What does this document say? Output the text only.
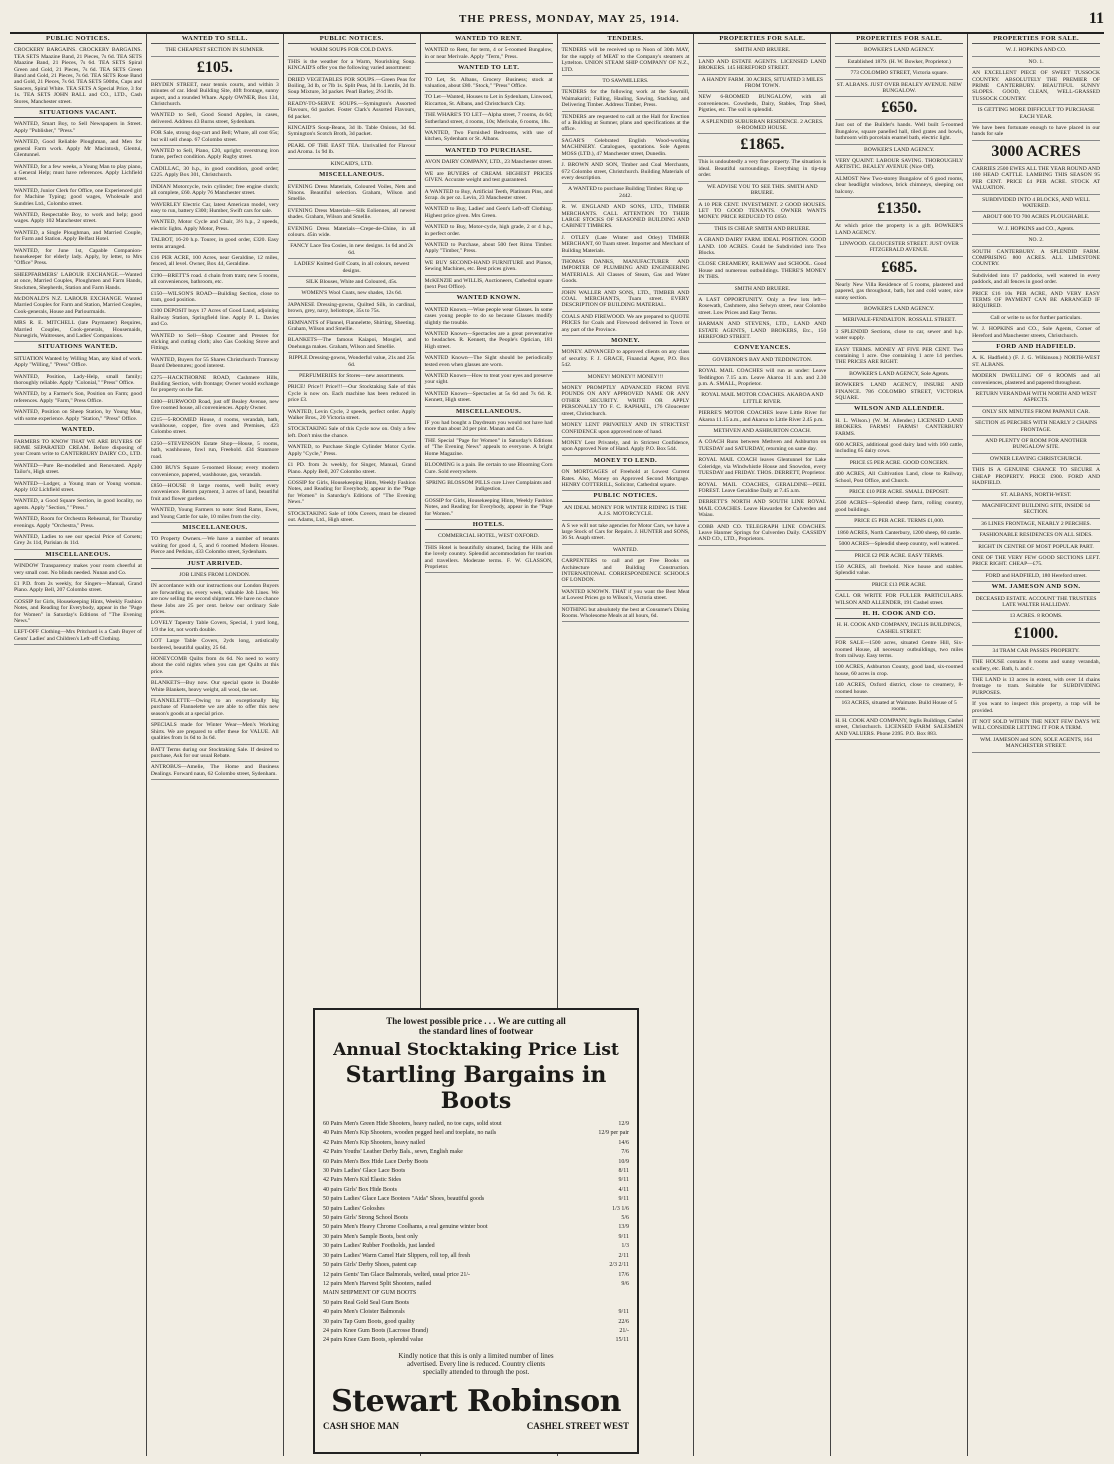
THE PRESS, MONDAY, MAY 25, 1914.	11
PUBLIC NOTICES.

CROCKERY BARGAINS. CROCKERY BARGAINS. TEA SETS Maazine Band, 21 Pieces, 7s 6d. TEA SETS Maazine Band, 21 Pieces, 7s 6d. TEA SETS Spiral Green and Gold, 21 Pieces, 7s 6d. TEA SETS Green Band and Gold, 21 Pieces, 7s 6d. TEA SETS Rose Band and Gold, 21 Pieces, 7s 6d. TEA SETS 500ths, Cups and Saucers, Spiral White. TEA SETS A Special Price, 3 for 1s. TEA SETS JOHN BALL and CO., LTD., Cash Stores, Manchester street.

SITUATIONS VACANT.

WANTED, Smart Boy, to Sell Newspapers in Street. Apply "Publisher," "Press."

WANTED, Good Reliable Ploughman, and Men for general Farm work. Apply Mr Macintosh, Glentui, Glentunnel.

WANTED, for a few weeks, a Young Man to play piano, a General Help; must have references. Apply Lichfield street.

WANTED, Junior Clerk for Office, one Experienced girl for Machine Typing; good wages, Wholesale and Sundries Ltd., Colombo street.

WANTED, Respectable Boy, to work and help; good wages. Apply 102 Manchester street.

WANTED, a Single Ploughman, and Married Couple, for Farm and Station. Apply Belfast Hotel.

WANTED, for June 1st, Capable Companion-housekeeper for elderly lady. Apply, by letter, to Mrs "Office" Press.

SHEEPFARMERS' LABOUR EXCHANGE.—Wanted at once, Married Couples, Ploughmen and Farm Hands, Stockmen, Shepherds, Station and Farm Hands.

McDONALD'S N.Z. LABOUR EXCHANGE. Wanted Married Couples for Farm and Station, Married Couples, Cook-generals, House and Parlourmaids.

MRS R. E. MITCHELL (late Paymaster) Requires, Married Couples, Cook-generals, Housemaids, Nursegirls, Waitresses, and Ladies' Companions.

SITUATIONS WANTED.

SITUATION Wanted by Willing Man, any kind of work. Apply "Willing," "Press" Office.

WANTED, Position, Lady-Help, small family; thoroughly reliable. Apply "Colonial," "Press" Office.

WANTED, by a Farmer's Son, Position on Farm; good references. Apply "Farm," Press Office.

WANTED, Position on Sheep Station, by Young Man, with some experience. Apply "Station," "Press" Office.

WANTED.

FARMERS TO KNOW THAT WE ARE BUYERS OF HOME SEPARATED CREAM. Before disposing of your Cream write to CANTERBURY DAIRY CO., LTD.

WANTED—Pure Re-modelled and Renovated. Apply Tailor's, High street.

WANTED—Lodger, a Young man or Young woman. Apply 102 Lichfield street.

WANTED, a Good Square Section, in good locality, no agents. Apply "Section," "Press."

WANTED, Room for Orchestra Rehearsal, for Thursday evenings. Apply "Orchestra," Press.

WANTED, Ladies to see our special Price of Corsets; Grey 2s 11d, Parisian 4s 11d.

MISCELLANEOUS.

WINDOW Transparency makes your room cheerful at very small cost. No blinds needed. Nunan and Co.

£1 P.D. from 2s weekly, for Singers—Manual, Grand Piano. Apply Bell, 207 Colombo street.

GOSSIP for Girls, Housekeeping Hints, Weekly Fashion Notes, and Reading for Everybody, appear in the "Page for Women" in Saturday's Editions of "The Evening News."

LEFT-OFF Clothing—Mrs Pritchard is a Cash Buyer of Gents' Ladies' and Children's Left-off Clothing.

WANTED TO SELL.

THE CHEAPEST SECTION IN SUMNER.

£105.

BRYDEN STREET, near tennis courts, and within 3 minutes of car. Ideal Building Site, 40ft frontage, sunny aspect, and a rounded Whare. Apply OWNER, Box 134, Christchurch.

WANTED to Sell, Good Sound Apples, in cases, delivered. Address 43 Burns street, Sydenham.

FOR Sale, strong dog-cart and Bell; Whare, all cost 65s; but will sell cheap. 67 Colombo street.

WANTED to Sell, Piano, £20, upright; overstrung iron frame, perfect condition. Apply Rugby street.

CADILLAC, 30 h.p., in good condition, good order; £225. Apply Box 301, Christchurch.

INDIAN Motorcycle, twin cylinder; free engine clutch; all complete, £60. Apply 76 Manchester street.

WAVERLEY Electric Car, latest American model, very easy to run, battery £300; Humber, Swift cars for sale.

WANTED, Motor Cycle and Chair, 3½ h.p., 2 speeds, electric lights. Apply Motor, Press.

TALBOT, 16-20 h.p. Tourer, in good order, £320. Easy terms arranged.

£16 PER ACRE, 100 Acres, near Geraldine, 12 miles, fenced, all level. Owner, Box 44, Geraldine.

£190—BRETT'S road. 4 chain from tram; new 5 rooms, all conveniences, bathroom, etc.

£150—WILSON'S ROAD—Building Section, close to tram, good position.

£100 DEPOSIT buys 17 Acres of Good Land, adjoining Railway Station, Springfield line. Apply P. L. Davies and Co.

WANTED to Sell—Shop Counter and Presses for sticking and cutting cloth; also Gas Cooking Stove and Fittings.

WANTED, Buyers for 55 Shares Christchurch Tramway Board Debentures; good interest.

£275—HACKTHORNE ROAD, Cashmere Hills, Building Section, with frontage; Owner would exchange for property on the flat.

£400—BURWOOD Road, just off Bealey Avenue, new five roomed house, all conveniences. Apply Owner.

£215—5-ROOMED House, 4 rooms, verandah, bath, washhouse, copper, fire oven and Premises, 423 Colombo street.

£250—STEVENSON Estate Shop—House, 5 rooms, bath, washhouse, fowl run, Freehold. 434 Stanmore road.

£300 BUYS Square 5-roomed House; every modern convenience, papered, washhouse, gas, verandah.

£850—HOUSE 8 large rooms, well built; every convenience. Return payment, 3 acres of land, beautiful fruit and flower gardens.

WANTED, Young Farmers to note: Stud Rams, Ewes, and Young Cattle for sale, 10 miles from the city.

MISCELLANEOUS.

TO Property Owners.—We have a number of tenants waiting for good 4, 5, and 6 roomed Modern Houses. Pierce and Perkins, 433 Colombo street, Sydenham.

JUST ARRIVED.

JOB LINES FROM LONDON.

IN accordance with our instructions our London Buyers are forwarding us, every week, valuable Job Lines. We are now selling the second shipment. We have no chance these Jobs are 25 per cent. below our ordinary Sale prices.

LOVELY Tapestry Table Covers, Special, 1 yard long, 1/9 the lot, not worth double.

LOT Large Table Covers, 2yds long, artistically bordered, beautiful quality, 25 6d.

HONEYCOMB Quilts from 4s 6d. No need to worry about the cold nights when you can get Quilts at this price.

BLANKETS—Buy now. Our special quote is Double White Blankets, heavy weight, all wool, the set.

FLANNELETTE—Owing to an exceptionally big purchase of Flannelette we are able to offer this new season's goods at a special price.

SPECIALS made for Winter Wear—Men's Working Shirts. We are prepared to offer these for VALUE. All qualities from 1s 6d to 3s 6d.

BATT Terms during our Stocktaking Sale. If desired to purchase, Ask for our usual Rebate.

ANTROBUS—Amelie, The Home and Business Dealings. Forward naun, 62 Colombo street, Sydenham.

PUBLIC NOTICES.

WARM SOUPS FOR COLD DAYS.

THIS is the weather for a Warm, Nourishing Soup. KINCAID'S offer you the following varied assortment:

DRIED VEGETABLES FOR SOUPS.—Green Peas for Boiling, 3d lb, or 7lb 1s. Split Peas, 3d lb. Lentils, 2d lb. Soup Mixture, 3d packet. Pearl Barley, 2½d lb.

READY-TO-SERVE SOUPS.—Symington's Assorted Flavours, 6d packet. Foster Clark's Assorted Flavours, 6d packet.

KINCAID'S Soup-Beans, 3d lb. Table Onions, 3d 6d. Symington's Scotch Broth, 3d packet.

PEARL OF THE EAST TEA. Unrivalled for Flavour and Aroma. 1s 9d lb.

KINCAID'S, LTD.

MISCELLANEOUS.

EVENING Dress Materials, Coloured Voiles, Nets and Ninons. Beautiful selection. Graham, Wilson and Smellie.

EVENING Dress Materials—Silk Eoliennes, all newest shades. Graham, Wilson and Smellie.

EVENING Dress Materials—Crepe-de-Chine, in all colours. 45in wide.

FANCY Lace Tea Cosies, in new designs. 1s 6d and 2s 6d.

LADIES' Knitted Golf Coats, in all colours, newest designs.

SILK Blouses, White and Coloured, 45s.

WOMEN'S Wool Coats, new shades, 12s 6d.

JAPANESE Dressing-gowns, Quilted Silk, in cardinal, brown, grey, navy, heliotrope, 35s to 75s.

REMNANTS of Flannel, Flannelette, Shirting, Sheeting. Graham, Wilson and Smellie.

BLANKETS—The famous Kaiapoi, Mosgiel, and Onehunga makes. Graham, Wilson and Smellie.

RIPPLE Dressing-gowns, Wonderful value, 21s and 25s 6d.

PERFUMERIES for Stores—new assortments.

PRICE! Price!! Price!!!—Our Stocktaking Sale of this Cycle is now on. Each machine has been reduced in price £3.

WANTED, Levin Cycle, 2 speeds, perfect order. Apply Walker Bros., 20 Victoria street.

STOCKTAKING Sale of this Cycle now on. Only a few left. Don't miss the chance.

WANTED, to Purchase Single Cylinder Motor Cycle. Apply "Cycle," Press.

£1 PD. from 2s weekly, for Singer, Manual, Grand Piano. Apply Bell, 207 Colombo street.

GOSSIP for Girls, Housekeeping Hints, Weekly Fashion Notes, and Reading for Everybody, appear in the "Page for Women" in Saturday's Editions of "The Evening News."

STOCKTAKING Sale of 100s Covers, must be cleared out. Adams, Ltd., High street.

WANTED TO RENT.

WANTED to Rent, for term, 4 or 5-roomed Bungalow, in or near Merivale. Apply "Term," Press.

WANTED TO LET.

TO Let, St. Albans, Grocery Business; stock at valuation, about £80. "Stock," "Press" Office.

TO Let—Wanted, Houses to Let in Sydenham, Linwood, Riccarton, St. Albans, and Christchurch City.

THE WHARE'S TO LET—Alpha street, 7 rooms, 4s 6d; Sutherland street, 4 rooms, 10s; Merivale, 6 rooms, 18s.

WANTED, Two Furnished Bedrooms, with use of kitchen, Sydenham or St. Albans.

WANTED TO PURCHASE.

AVON DAIRY COMPANY, LTD., 23 Manchester street.

WE are BUYERS of CREAM. HIGHEST PRICES GIVEN. Accurate weight and test guaranteed.

A WANTED to Buy, Artificial Teeth, Platinum Pins, and Scrap. 4s per oz. Levin, 23 Manchester street.

WANTED to Buy, Ladies' and Gent's Left-off Clothing. Highest price given. Mrs Green.

WANTED to Buy, Motor-cycle, high grade, 2 or 4 h.p., in perfect order.

WANTED to Purchase, about 500 feet Rimu Timber. Apply "Timber," Press.

WE BUY SECOND-HAND FURNITURE and Pianos, Sewing Machines, etc. Best prices given.

McKENZIE and WILLIS, Auctioneers, Cathedral square (next Post Office).

WANTED KNOWN.

WANTED Known.—Wise people wear Glasses. In some cases young people to do so because Glasses modify slightly the trouble.

WANTED Known—Spectacles are a great preventative to headaches. R. Kennett, the People's Optician, 181 High street.

WANTED Known—The Sight should be periodically tested even when glasses are worn.

WANTED Known—How to treat your eyes and preserve your sight.

WANTED Known—Spectacles at 5s 6d and 7s 6d. R. Kennett, High street.

MISCELLANEOUS.

IF you had bought a Daydream you would not have had more than about 2d per pint. Manan and Co.

THE Special "Page for Women" in Saturday's Editions of "The Evening News" appeals to everyone. A bright Home Magazine.

BLOOMING is a pain. Be certain to use Blooming Corn Cure. Sold everywhere.

SPRING BLOSSOM PILLS cure Liver Complaints and Indigestion.

GOSSIP for Girls, Housekeeping Hints, Weekly Fashion Notes, and Reading for Everybody, appear in the "Page for Women."

HOTELS.

COMMERCIAL HOTEL, WEST OXFORD.

THIS Hotel is beautifully situated, facing the Hills and the lovely country. Splendid accommodation for tourists and travellers. Moderate terms. F. W. GLASSON, Proprietor.

TENDERS.

TENDERS will be received up to Noon of 30th MAY, for the supply of MEAT to the Company's steamers at Lyttelton. UNION STEAM SHIP COMPANY OF N.Z., LTD.

TO SAWMILLERS.

TENDERS for the following work at the Sawmill, Waimakariri; Falling, Hauling, Sawing, Stacking, and Delivering Timber. Address Timber, Press.

TENDERS are requested to call at the Hall for Erection of a Building at Sumner, plans and specifications at the office.

SAGAR'S Celebrated English Wood-working MACHINERY. Catalogues, quotations. Sole Agents MOSS (LTD.), 47 Manchester street, Dunedin.

J. BROWN AND SON, Timber and Coal Merchants, 672 Colombo street, Christchurch. Building Materials of every description.

A WANTED to purchase Building Timber. Ring up 2442.

R. W. ENGLAND AND SONS, LTD., TIMBER MERCHANTS. CALL ATTENTION TO THEIR LARGE STOCKS OF SEASONED BUILDING AND CABINET TIMBERS.

J. OTLEY (Late Winter and Otley) TIMBER MERCHANT, 60 Tuam street. Importer and Merchant of Building Materials.

THOMAS DANKS, MANUFACTURER AND IMPORTER OF PLUMBING AND ENGINEERING MATERIALS. All Classes of Steam, Gas and Water Goods.

JOHN WALLER AND SONS, LTD., TIMBER AND COAL MERCHANTS, Tuam street. EVERY DESCRIPTION OF BUILDING MATERIAL.

COALS AND FIREWOOD. We are prepared to QUOTE PRICES for Coals and Firewood delivered in Town or any part of the Province.

MONEY.

MONEY. ADVANCED to approved clients on any class of security. F. J. GRACE, Financial Agent, P.O. Box 542.

MONEY! MONEY!! MONEY!!!

MONEY PROMPTLY ADVANCED FROM FIVE POUNDS ON ANY APPROVED NAME OR ANY OTHER SECURITY. WRITE OR APPLY PERSONALLY TO F. C. RAPHAEL, 176 Gloucester street, Christchurch.

MONEY LENT PRIVATELY AND IN STRICTEST CONFIDENCE upon approved note of hand.

MONEY Lent Privately, and in Strictest Confidence, upon Approved Note of Hand. Apply P.O. Box 544.

MONEY TO LEND.

ON MORTGAGES of Freehold at Lowest Current Rates. Also, Money on Approved Second Mortgage. HENRY COTTERILL, Solicitor, Cathedral square.

PUBLIC NOTICES.

AN IDEAL MONEY FOR WINTER RIDING IS THE A.J.S. MOTORCYCLE.

A S we will not take agencies for Motor Cars, we have a large Stock of Cars for Repairs. J. HUNTER and SONS, 36 St. Asaph street.

WANTED.

CARPENTERS to call and get Free Books on Architecture and Building Construction. INTERNATIONAL CORRESPONDENCE SCHOOLS OF LONDON.

WANTED KNOWN. THAT if you want the Best Meat at Lowest Prices go to Wilson's, Victoria street.

NOTHING but absolutely the best at Consumer's Dining Rooms. Wholesome Meals at all hours, 6d.

PROPERTIES FOR SALE.

SMITH AND BRUERE.

LAND AND ESTATE AGENTS. LICENSED LAND BROKERS. 145 HEREFORD STREET.

A HANDY FARM. 30 ACRES, SITUATED 3 MILES FROM TOWN.

NEW 6-ROOMED BUNGALOW, with all conveniences. Cowsheds, Dairy, Stables, Trap Shed, Pigsties, etc. The soil is splendid.

A SPLENDID SUBURBAN RESIDENCE. 2 ACRES. 8-ROOMED HOUSE.

£1865.

This is undoubtedly a very fine property. The situation is ideal. Beautiful surroundings. Everything in tip-top order.

WE ADVISE YOU TO SEE THIS. SMITH AND BRUERE.

A 10 PER CENT. INVESTMENT. 2 GOOD HOUSES. LET TO GOOD TENANTS. OWNER WANTS MONEY. PRICE REDUCED TO £650.

THIS IS CHEAP. SMITH AND BRUERE.

A GRAND DAIRY FARM. IDEAL POSITION. GOOD LAND. 100 ACRES. Could be Subdivided into Two Blocks.

CLOSE CREAMERY, RAILWAY and SCHOOL. Good House and numerous outbuildings. THERE'S MONEY IN THIS.

SMITH AND BRUERE.

A LAST OPPORTUNITY. Only a few lots left—Rosewath, Cashmere, also Selwyn street, near Colombo street. Low Prices and Easy Terms.

HARMAN AND STEVENS, LTD., LAND AND ESTATE AGENTS, LAND BROKERS, Etc., 150 HEREFORD STREET.

CONVEYANCES.

GOVERNOR'S BAY AND TEDDINGTON.

ROYAL MAIL COACHES will run as under: Leave Teddington 7.15 a.m. Leave Akaroa 11 a.m. and 2.30 p.m. A. SMALL, Proprietor.

ROYAL MAIL MOTOR COACHES. AKAROA AND LITTLE RIVER.

PIERRE'S MOTOR COACHES leave Little River for Akaroa 11.15 a.m., and Akaroa to Little River 2.45 p.m.

METHVEN AND ASHBURTON COACH.

A COACH Runs between Methven and Ashburton on TUESDAY and SATURDAY, returning on same day.

ROYAL MAIL COACH leaves Glentunnel for Lake Coleridge, via Windwhistle House and Snowdon, every TUESDAY and FRIDAY. THOS. DERRETT, Proprietor.

ROYAL MAIL COACHES, GERALDINE—PEEL FOREST. Leave Geraldine Daily at 7.45 a.m.

DERRETT'S NORTH AND SOUTH LINE ROYAL MAIL COACHES. Leave Hawarden for Culverden and Waiau.

COBB AND CO. TELEGRAPH LINE COACHES. Leave Hanmer Springs for Culverden Daily. CASSIDY AND CO., LTD., Proprietors.

PROPERTIES FOR SALE.

BOWKER'S LAND AGENCY.

Established 1879. (H. W. Bowker, Proprietor.)

773 COLOMBO STREET, Victoria square.

ST. ALBANS. JUST OVER BEALEY AVENUE. NEW BUNGALOW.

£650.

Just out of the Builder's hands. Well built 5-roomed Bungalow, square panelled hall, tiled grates and bowls, bathroom with porcelain enamel bath, electric light.

BOWKER'S LAND AGENCY.

VERY QUAINT. LABOUR SAVING. THOROUGHLY ARTISTIC. BEALEY AVENUE (Nice Off).

ALMOST New Two-storey Bungalow of 6 good rooms, clear headlight windows, brick chimneys, sleeping out balcony.

£1350.

At which price the property is a gift. BOWKER'S LAND AGENCY.

LINWOOD. GLOUCESTER STREET. JUST OVER FITZGERALD AVENUE.

£685.

Nearly New Villa Residence of 5 rooms, plastered and papered, gas throughout, bath, hot and cold water, nice sunny section.

BOWKER'S LAND AGENCY.

MERIVALE-FENDALTON. ROSSALL STREET.

3 SPLENDID Sections, close to car, sewer and h.p. water supply.

EASY TERMS. MONEY AT FIVE PER CENT. Two containing 1 acre. One containing 1 acre 14 perches. THE PRICES ARE RIGHT.

BOWKER'S LAND AGENCY, Sole Agents.

BOWKER'S LAND AGENCY, INSURE AND FINANCE. 786 COLOMBO STREET, VICTORIA SQUARE.

WILSON AND ALLENDER.

H. L. Wilson.) (W. M. Allender.) LICENSED LAND BROKERS. FARMS! FARMS! CANTERBURY FARMS.

600 ACRES, additional good dairy land with 160 cattle, including 65 dairy cows.

PRICE £5 PER ACRE. GOOD CONCERN.

400 ACRES, All Cultivation Land, close to Railway, School, Post Office, and Church.

PRICE £10 PER ACRE. SMALL DEPOSIT.

2500 ACRES—Splendid sheep farm, rolling country, good buildings.

PRICE £5 PER ACRE. TERMS £1,000.

1860 ACRES, North Canterbury, 1200 sheep, 60 cattle.

5000 ACRES—Splendid sheep country, well watered.

PRICE £2 PER ACRE. EASY TERMS.

150 ACRES, all freehold. Nice house and stables. Splendid value.

PRICE £13 PER ACRE.

CALL OR WRITE FOR FULLER PARTICULARS. WILSON AND ALLENDER, 191 Cashel street.

H. H. COOK AND CO.

H. H. COOK AND COMPANY, INGLIS BUILDINGS, CASHEL STREET.

FOR SALE—1500 acres, situated Centre Hill, Six-roomed House, all necessary outbuildings, two miles from railway. Easy terms.

100 ACRES, Ashburton County, good land, six-roomed house, 60 acres in crop.

140 ACRES, Oxford district, close to creamery, 8-roomed house.

163 ACRES, situated at Waimate. Build House of 5 rooms.

H. H. COOK AND COMPANY, Inglis Buildings, Cashel street, Christchurch. LICENSED FARM SALESMEN AND VALUERS. Phone 2395. P.O. Box 883.

PROPERTIES FOR SALE.

W. J. HOPKINS AND CO.

NO. 1.

AN EXCELLENT PIECE OF SWEET TUSSOCK COUNTRY. ABSOLUTELY THE PREMIER OF PRIME CANTERBURY. BEAUTIFUL SUNNY SLOPES. GOOD, CLEAN, WELL-GRASSED TUSSOCK COUNTRY.

IS GETTING MORE DIFFICULT TO PURCHASE EACH YEAR.

We have been fortunate enough to have placed in our hands for sale

3000 ACRES

CARRIES 2500 EWES ALL THE YEAR ROUND AND 180 HEAD CATTLE. LAMBING THIS SEASON 95 PER CENT. PRICE £4 PER ACRE. STOCK AT VALUATION.

SUBDIVIDED INTO 4 BLOCKS, AND WELL WATERED.

ABOUT 600 TO 700 ACRES PLOUGHABLE.

W. J. HOPKINS and CO., Agents.

NO. 2.

SOUTH CANTERBURY. A SPLENDID FARM. COMPRISING 800 ACRES. ALL LIMESTONE COUNTRY.

Subdivided into 17 paddocks, well watered in every paddock, and all fences in good order.

PRICE £16 10s PER ACRE, AND VERY EASY TERMS OF PAYMENT CAN BE ARRANGED IF REQUIRED.

Call or write to us for further particulars.

W. J. HOPKINS and CO., Sole Agents, Corner of Hereford and Manchester streets, Christchurch.

FORD AND HADFIELD.

A. K. Hadfield.) (F. J. G. Wilkinson.) NORTH-WEST ST. ALBANS.

MODERN DWELLING OF 6 ROOMS and all conveniences, plastered and papered throughout.

RETURN VERANDAH WITH NORTH AND WEST ASPECTS.

ONLY SIX MINUTES FROM PAPANUI CAR.

SECTION 45 PERCHES WITH NEARLY 2 CHAINS FRONTAGE.

AND PLENTY OF ROOM FOR ANOTHER BUNGALOW SITE.

OWNER LEAVING CHRISTCHURCH.

THIS IS A GENUINE CHANCE TO SECURE A CHEAP PROPERTY. PRICE £900. FORD AND HADFIELD.

ST. ALBANS, NORTH-WEST.

MAGNIFICENT BUILDING SITE, INSIDE 1d SECTION.

36 LINES FRONTAGE, NEARLY 2 PERCHES.

FASHIONABLE RESIDENCES ON ALL SIDES.

RIGHT IN CENTRE OF MOST POPULAR PART.

ONE OF THE VERY FEW GOOD SECTIONS LEFT. PRICE RIGHT. CHEAP—£75.

FORD and HADFIELD, 180 Hereford street.

WM. JAMESON AND SON.

DECEASED ESTATE. ACCOUNT THE TRUSTEES LATE WALTER HALLIDAY.

13 ACRES. 8 ROOMS.

£1000.

34 TRAM CAR PASSES PROPERTY.

THE HOUSE contains 8 rooms and sunny verandah, scullery, etc. Bath, h. and c.

THE LAND is 13 acres in extent, with over 14 chains frontage to tram. Suitable for SUBDIVIDING PURPOSES.

If you want to inspect this property, a trap will be provided.

IT NOT SOLD WITHIN THE NEXT FEW DAYS WE WILL CONSIDER LETTING IT FOR A TERM.

WM. JAMESON and SON, SOLE AGENTS, 164 MANCHESTER STREET.

The lowest possible price . . . We are cutting all
the standard lines of footwear
Annual Stocktaking Price List
Startling Bargains in Boots
60 Pairs Men's Green Hide Shooters, heavy nailed, no toe caps, solid stout	12/9
40 Pairs Men's Kip Shooters, wooden pegged heel and toeplate, no nails	12/9 per pair
42 Pairs Men's Kip Shooters, heavy nailed	14/6
42 Pairs Youths' Leather Derby Bals., sewn, English make	7/6
60 Pairs Men's Box Hide Lace Derby Boots	10/9
30 Pairs Ladies' Glace Lace Boots	8/11
42 Pairs Men's Kid Elastic Sides	9/11
40 pairs Girls' Box Hide Boots	4/11
50 pairs Ladies' Glace Lace Bootees "Aida" Shoes, beautiful goods	9/11
50 pairs Ladies' Goloshes	1/3 1/6
50 pairs Girls' Strong School Boots	5/6
50 pairs Men's Heavy Chrome Coolhams, a real genuine winter boot	13/9
30 pairs Men's Sample Boots, best only	9/11
30 pairs Ladies' Rubber Footholds, just landed	1/3
30 pairs Ladies' Warm Camel Hair Slippers, roll top, all fresh	2/11
50 pairs Girls' Derby Shoes, patent cap	2/3 2/11
12 pairs Gents' Tan Glace Balmorals, welted, usual price 21/-	17/6
12 pairs Men's Harvest Split Shooters, nailed	9/6
MAIN SHIPMENT OF GUM BOOTS
50 pairs Real Gold Seal Gum Boots
40 pairs Men's Cloister Balmorals	9/11
30 pairs Tap Gum Boots, good quality	22/6
24 pairs Knee Gum Boots (Lacrosse Brand)	21/-
24 pairs Knee Gum Boots, splendid value	15/11
Kindly notice that this is only a limited number of lines
advertised. Every line is reduced. Country clients
specially attended to through the post.
Stewart Robinson
CASH SHOE MAN	CASHEL STREET WEST
